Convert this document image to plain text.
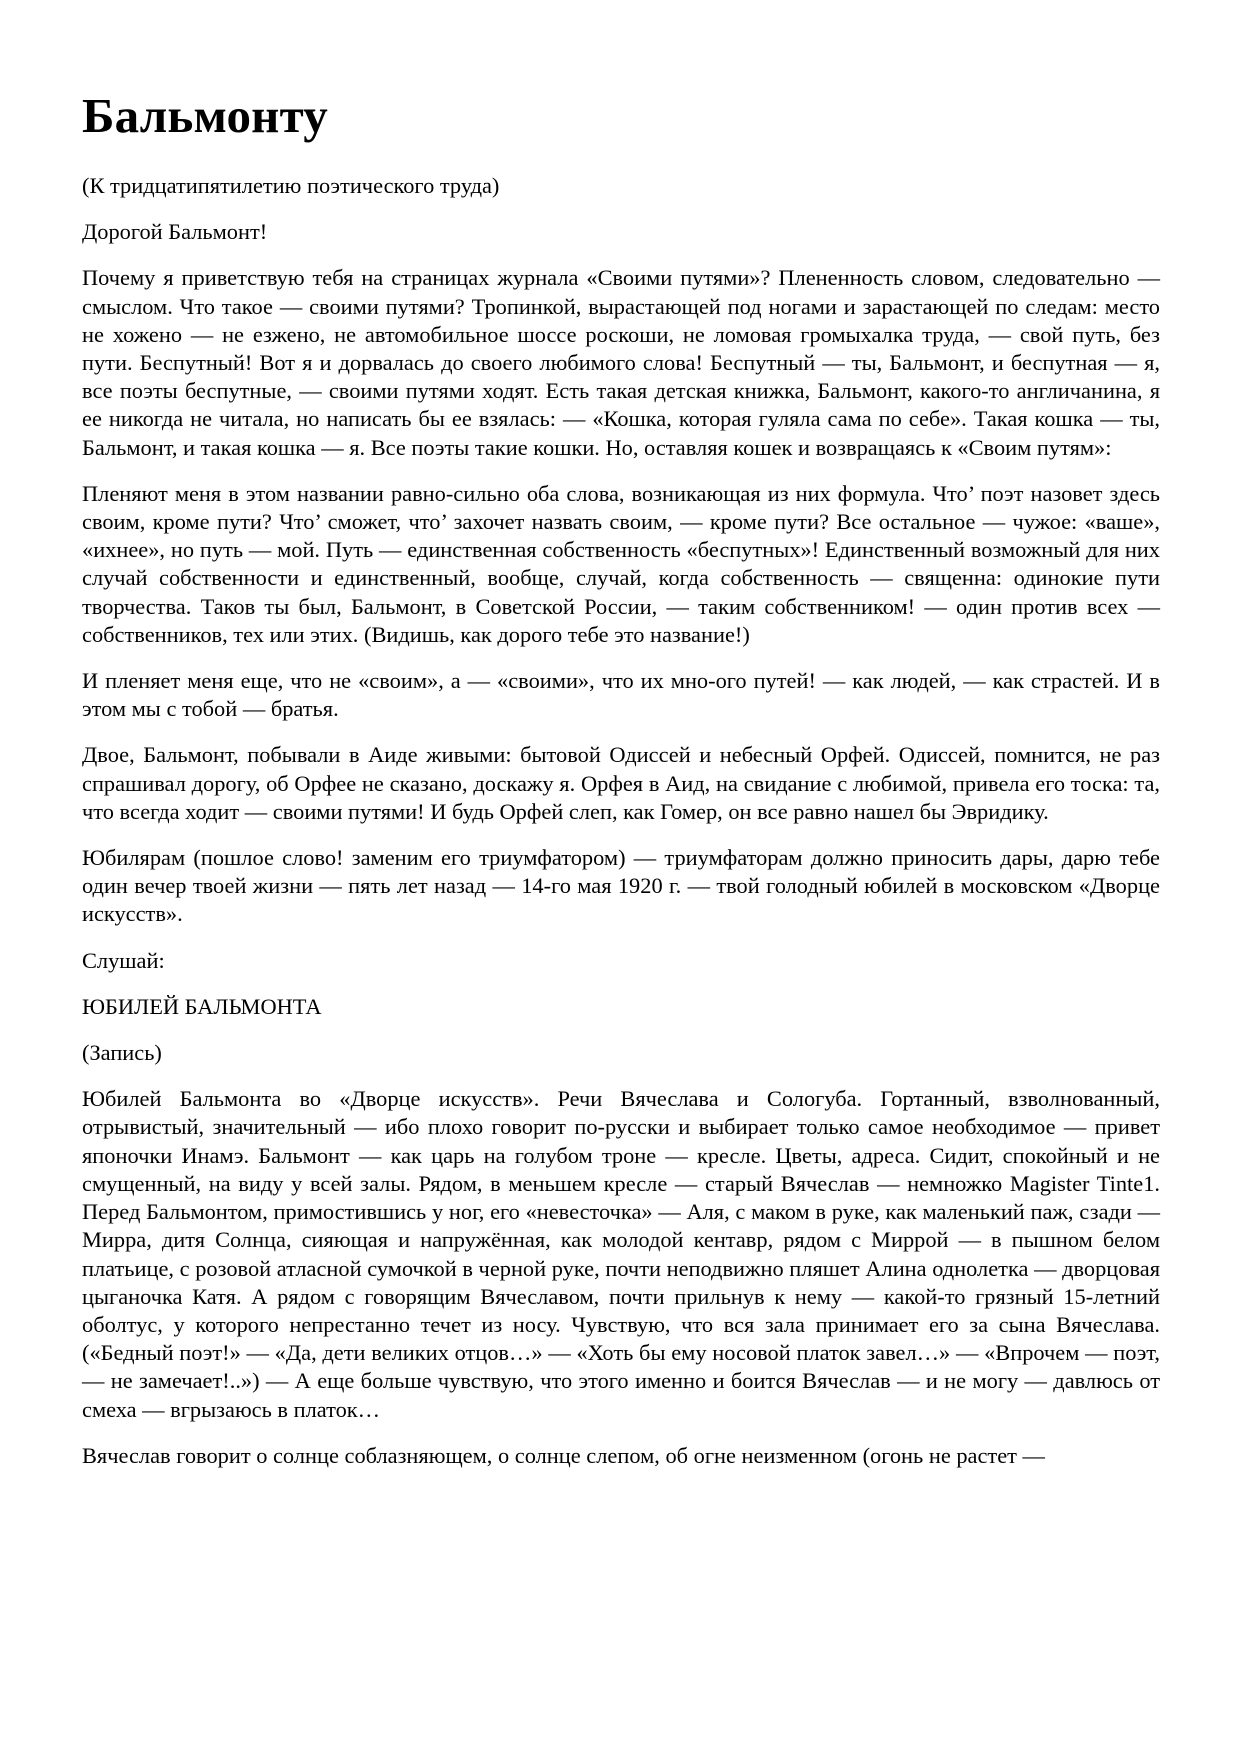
Бальмонту

(К тридцатипятилетию поэтического труда)

Дорогой Бальмонт!

Почему я приветствую тебя на страницах журнала «Своими путями»? Плененность словом, следовательно — смыслом. Что такое — своими путями? Тропинкой, вырастающей под ногами и зарастающей по следам: место не хожено — не езжено, не автомобильное шоссе роскоши, не ломовая громыхалка труда, — свой путь, без пути. Беспутный! Вот я и дорвалась до своего любимого слова! Беспутный — ты, Бальмонт, и беспутная — я, все поэты беспутные, — своими путями ходят. Есть такая детская книжка, Бальмонт, какого-то англичанина, я ее никогда не читала, но написать бы ее взялась: — «Кошка, которая гуляла сама по себе». Такая кошка — ты, Бальмонт, и такая кошка — я. Все поэты такие кошки. Но, оставляя кошек и возвращаясь к «Своим путям»:

Пленяют меня в этом названии равно-сильно оба слова, возникающая из них формула. Что’ поэт назовет здесь своим, кроме пути? Что’ сможет, что’ захочет назвать своим, — кроме пути? Все остальное — чужое: «ваше», «ихнее», но путь — мой. Путь — единственная собственность «беспутных»! Единственный возможный для них случай собственности и единственный, вообще, случай, когда собственность — священна: одинокие пути творчества. Таков ты был, Бальмонт, в Советской России, — таким собственником! — один против всех — собственников, тех или этих. (Видишь, как дорого тебе это название!)

И пленяет меня еще, что не «своим», а — «своими», что их мно-ого путей! — как людей, — как страстей. И в этом мы с тобой — братья.

Двое, Бальмонт, побывали в Аиде живыми: бытовой Одиссей и небесный Орфей. Одиссей, помнится, не раз спрашивал дорогу, об Орфее не сказано, доскажу я. Орфея в Аид, на свидание с любимой, привела его тоска: та, что всегда ходит — своими путями! И будь Орфей слеп, как Гомер, он все равно нашел бы Эвридику.

Юбилярам (пошлое слово! заменим его триумфатором) — триумфаторам должно приносить дары, дарю тебе один вечер твоей жизни — пять лет назад — 14-го мая 1920 г. — твой голодный юбилей в московском «Дворце искусств».

Слушай:

ЮБИЛЕЙ БАЛЬМОНТА

(Запись)

Юбилей Бальмонта во «Дворце искусств». Речи Вячеслава и Сологуба. Гортанный, взволнованный, отрывистый, значительный — ибо плохо говорит по-русски и выбирает только самое необходимое — привет японочки Инамэ. Бальмонт — как царь на голубом троне — кресле. Цветы, адреса. Сидит, спокойный и не смущенный, на виду у всей залы. Рядом, в меньшем кресле — старый Вячеслав — немножко Magister Tinte1. Перед Бальмонтом, примостившись у ног, его «невесточка» — Аля, с маком в руке, как маленький паж, сзади — Мирра, дитя Солнца, сияющая и напружённая, как молодой кентавр, рядом с Миррой — в пышном белом платьице, с розовой атласной сумочкой в черной руке, почти неподвижно пляшет Алина однолетка — дворцовая цыганочка Катя. А рядом с говорящим Вячеславом, почти прильнув к нему — какой-то грязный 15-летний оболтус, у которого непрестанно течет из носу. Чувствую, что вся зала принимает его за сына Вячеслава. («Бедный поэт!» — «Да, дети великих отцов…» — «Хоть бы ему носовой платок завел…» — «Впрочем — поэт, — не замечает!..») — А еще больше чувствую, что этого именно и боится Вячеслав — и не могу — давлюсь от смеха — вгрызаюсь в платок…

Вячеслав говорит о солнце соблазняющем, о солнце слепом, об огне неизменном (огонь не растет —
